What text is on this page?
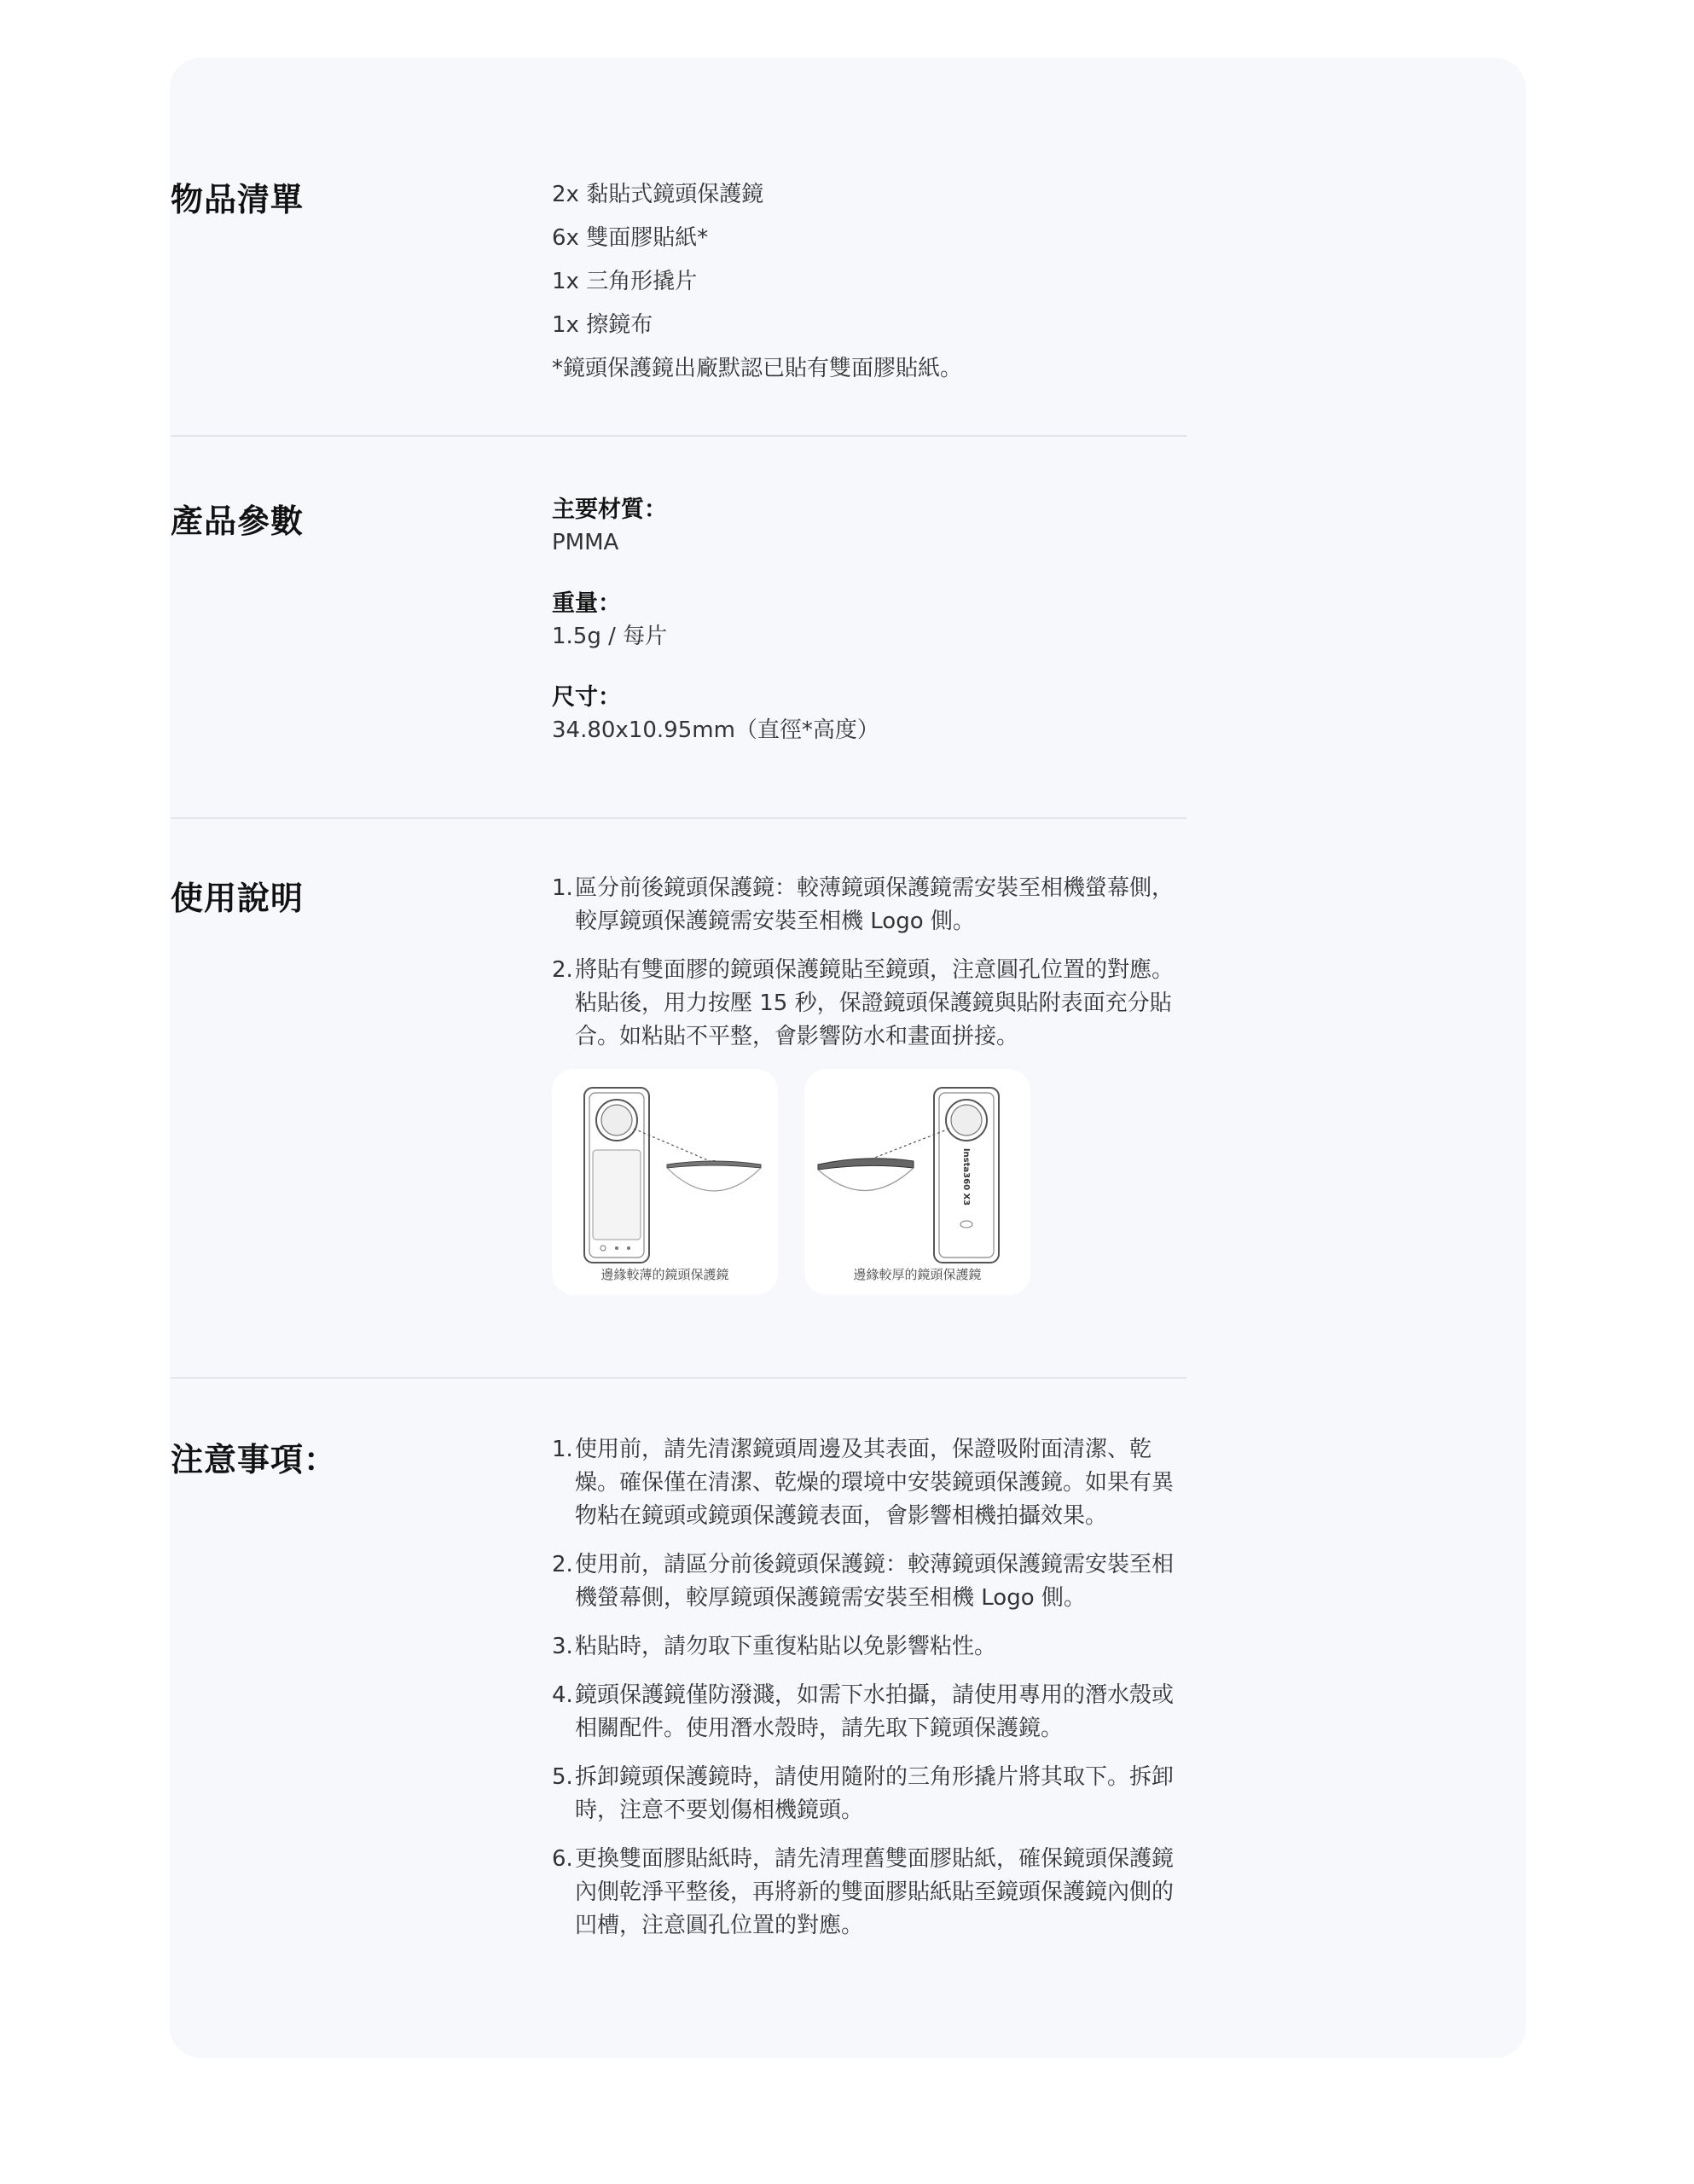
物品清單	2x 黏貼式鏡頭保護鏡
6x 雙面膠貼紙*
1x 三角形撬片
1x 擦鏡布
*鏡頭保護鏡出廠默認已貼有雙面膠貼紙。
產品參數	主要材質：
PMMA
重量：
1.5g / 每片
尺寸：
34.80x10.95mm（直徑*高度）
使用說明	1. 區分前後鏡頭保護鏡：較薄鏡頭保護鏡需安裝至相機螢幕側，較厚鏡頭保護鏡需安裝至相機 Logo 側。
2. 將貼有雙面膠的鏡頭保護鏡貼至鏡頭，注意圓孔位置的對應。粘貼後，用力按壓 15 秒，保證鏡頭保護鏡與貼附表面充分貼合。如粘貼不平整，會影響防水和畫面拼接。
邊緣較薄的鏡頭保護鏡
Insta360 X3
邊緣較厚的鏡頭保護鏡
注意事項：	1. 使用前，請先清潔鏡頭周邊及其表面，保證吸附面清潔、乾燥。確保僅在清潔、乾燥的環境中安裝鏡頭保護鏡。如果有異物粘在鏡頭或鏡頭保護鏡表面，會影響相機拍攝效果。
2. 使用前，請區分前後鏡頭保護鏡：較薄鏡頭保護鏡需安裝至相機螢幕側，較厚鏡頭保護鏡需安裝至相機 Logo 側。
3. 粘貼時，請勿取下重復粘貼以免影響粘性。
4. 鏡頭保護鏡僅防潑濺，如需下水拍攝，請使用專用的潛水殼或相關配件。使用潛水殼時，請先取下鏡頭保護鏡。
5. 拆卸鏡頭保護鏡時，請使用隨附的三角形撬片將其取下。拆卸時，注意不要划傷相機鏡頭。
6. 更換雙面膠貼紙時，請先清理舊雙面膠貼紙，確保鏡頭保護鏡內側乾淨平整後，再將新的雙面膠貼紙貼至鏡頭保護鏡內側的凹槽，注意圓孔位置的對應。
